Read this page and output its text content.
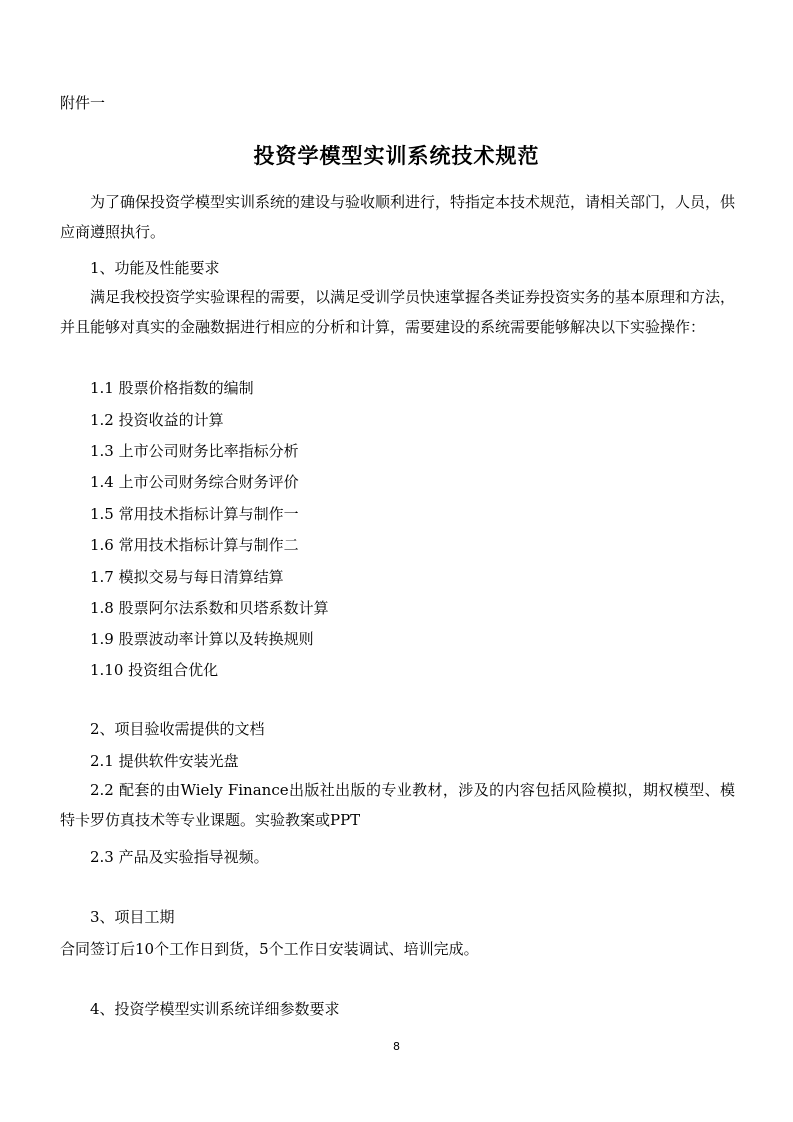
附件一
投资学模型实训系统技术规范

为了确保投资学模型实训系统的建设与验收顺利进行，特指定本技术规范，请相关部门，人员，供应商遵照执行。

1、功能及性能要求

满足我校投资学实验课程的需要，以满足受训学员快速掌握各类证券投资实务的基本原理和方法，并且能够对真实的金融数据进行相应的分析和计算，需要建设的系统需要能够解决以下实验操作：

1.1 股票价格指数的编制
1.2 投资收益的计算
1.3 上市公司财务比率指标分析
1.4 上市公司财务综合财务评价
1.5 常用技术指标计算与制作一
1.6 常用技术指标计算与制作二
1.7 模拟交易与每日清算结算
1.8 股票阿尔法系数和贝塔系数计算
1.9 股票波动率计算以及转换规则
1.10 投资组合优化
2、项目验收需提供的文档
2.1 提供软件安装光盘

2.2 配套的由Wiely Finance出版社出版的专业教材，涉及的内容包括风险模拟，期权模型、模特卡罗仿真技术等专业课题。实验教案或PPT

2.3 产品及实验指导视频。
3、项目工期
合同签订后10个工作日到货，5个工作日安装调试、培训完成。
4、投资学模型实训系统详细参数要求
8
